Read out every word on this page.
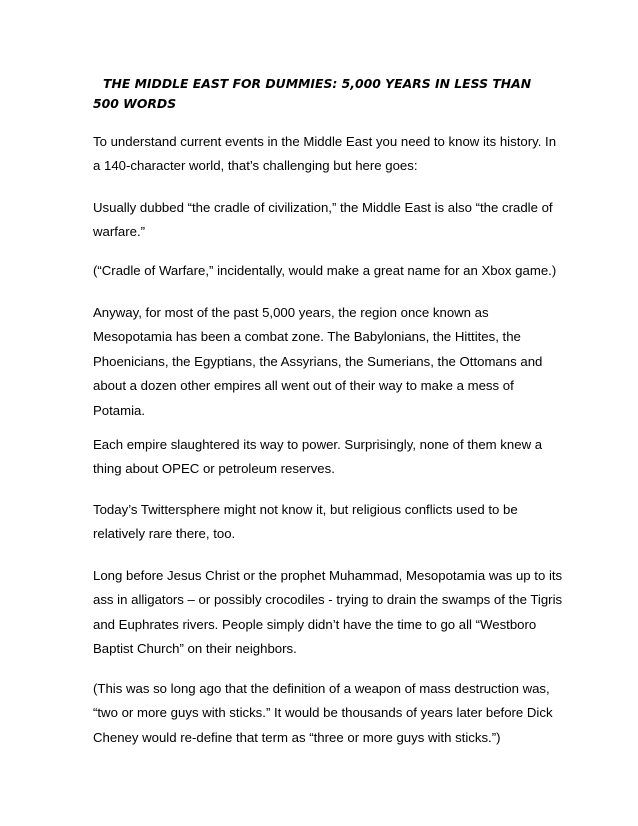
THE MIDDLE EAST FOR DUMMIES: 5,000 YEARS IN LESS THAN 500 WORDS

To understand current events in the Middle East you need to know its history. In
a 140-character world, that’s challenging but here goes:

Usually dubbed “the cradle of civilization,” the Middle East is also “the cradle of
warfare.”

(“Cradle of Warfare,” incidentally, would make a great name for an Xbox game.)

Anyway, for most of the past 5,000 years, the region once known as
Mesopotamia has been a combat zone. The Babylonians, the Hittites, the
Phoenicians, the Egyptians, the Assyrians, the Sumerians, the Ottomans and
about a dozen other empires all went out of their way to make a mess of
Potamia.

Each empire slaughtered its way to power. Surprisingly, none of them knew a
thing about OPEC or petroleum reserves.

Today’s Twittersphere might not know it, but religious conflicts used to be
relatively rare there, too.

Long before Jesus Christ or the prophet Muhammad, Mesopotamia was up to its
ass in alligators – or possibly crocodiles - trying to drain the swamps of the Tigris
and Euphrates rivers. People simply didn’t have the time to go all “Westboro
Baptist Church” on their neighbors.

(This was so long ago that the definition of a weapon of mass destruction was,
“two or more guys with sticks.” It would be thousands of years later before Dick
Cheney would re-define that term as “three or more guys with sticks.”)
